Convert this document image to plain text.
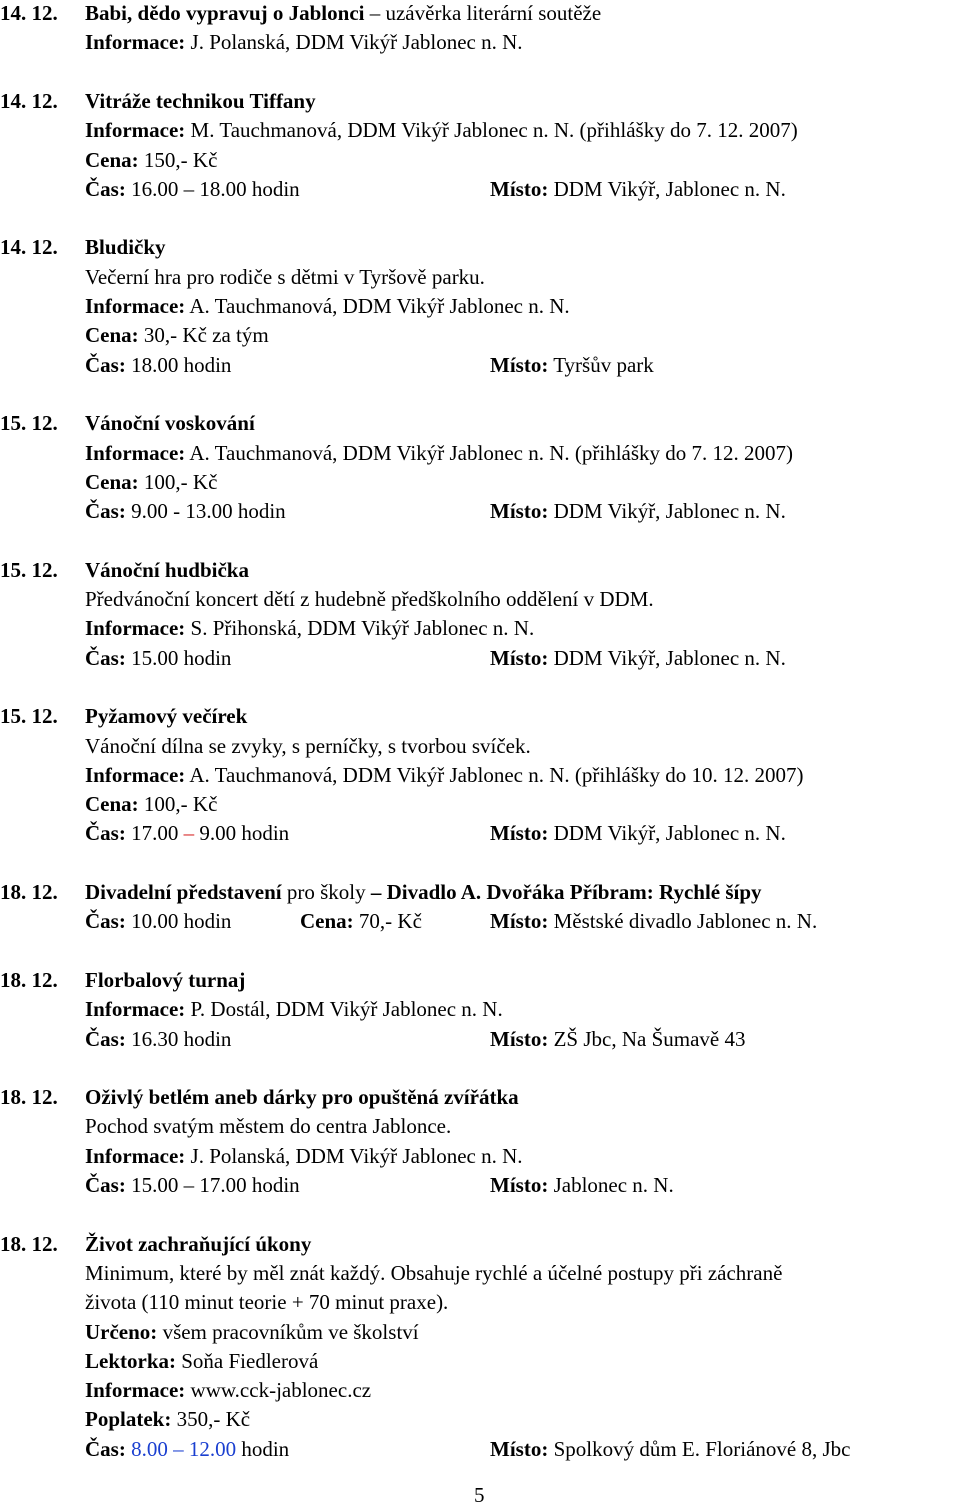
14. 12. Babi, dědo vypravuj o Jablonci – uzávěrka literární soutěže
Informace: J. Polanská, DDM Vikýř Jablonec n. N.
14. 12. Vitráže technikou Tiffany
Informace: M. Tauchmanová, DDM Vikýř Jablonec n. N. (přihlášky do 7. 12. 2007)
Cena: 150,- Kč
Čas: 16.00 – 18.00 hodin	Místo: DDM Vikýř, Jablonec n. N.
14. 12. Bludičky
Večerní hra pro rodiče s dětmi v Tyršově parku.
Informace: A. Tauchmanová, DDM Vikýř Jablonec n. N.
Cena: 30,- Kč za tým
Čas: 18.00 hodin	Místo: Tyršův park
15. 12. Vánoční voskování
Informace: A. Tauchmanová, DDM Vikýř Jablonec n. N. (přihlášky do 7. 12. 2007)
Cena: 100,- Kč
Čas: 9.00 - 13.00 hodin	Místo: DDM Vikýř, Jablonec n. N.
15. 12. Vánoční hudbička
Předvánoční koncert dětí z hudebně předškolního oddělení v DDM.
Informace: S. Přihonská, DDM Vikýř Jablonec n. N.
Čas: 15.00 hodin	Místo: DDM Vikýř, Jablonec n. N.
15. 12. Pyžamový večírek
Vánoční dílna se zvyky, s perníčky, s tvorbou svíček.
Informace: A. Tauchmanová, DDM Vikýř Jablonec n. N. (přihlášky do 10. 12. 2007)
Cena: 100,- Kč
Čas: 17.00 – 9.00 hodin	Místo: DDM Vikýř, Jablonec n. N.
18. 12. Divadelní představení pro školy – Divadlo A. Dvořáka Příbram: Rychlé šípy
Čas: 10.00 hodin	Cena: 70,- Kč	Místo: Městské divadlo Jablonec n. N.
18. 12. Florbalový turnaj
Informace: P. Dostál, DDM Vikýř Jablonec n. N.
Čas: 16.30 hodin	Místo: ZŠ Jbc, Na Šumavě 43
18. 12. Oživlý betlém aneb dárky pro opuštěná zvířátka
Pochod svatým městem do centra Jablonce.
Informace: J. Polanská, DDM Vikýř Jablonec n. N.
Čas: 15.00 – 17.00 hodin	Místo: Jablonec n. N.
18. 12. Život zachraňující úkony
Minimum, které by měl znát každý. Obsahuje rychlé a účelné postupy při záchraně
života (110 minut teorie + 70 minut praxe).
Určeno: všem pracovníkům ve školství
Lektorka: Soňa Fiedlerová
Informace: www.cck-jablonec.cz
Poplatek: 350,- Kč
Čas: 8.00 – 12.00 hodin	Místo: Spolkový dům E. Floriánové 8, Jbc
5
